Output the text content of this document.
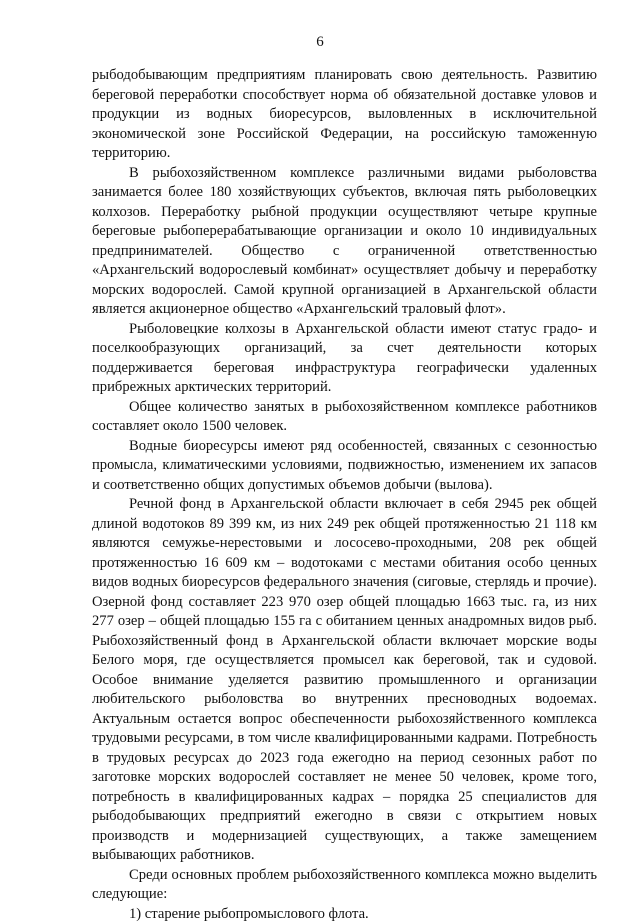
6

рыбодобывающим предприятиям планировать свою деятельность. Развитию береговой переработки способствует норма об обязательной доставке уловов и продукции из водных биоресурсов, выловленных в исключительной экономической зоне Российской Федерации, на российскую таможенную территорию.

В рыбохозяйственном комплексе различными видами рыболовства занимается более 180 хозяйствующих субъектов, включая пять рыболовецких колхозов. Переработку рыбной продукции осуществляют четыре крупные береговые рыбоперерабатывающие организации и около 10 индивидуальных предпринимателей. Общество с ограниченной ответственностью «Архангельский водорослевый комбинат» осуществляет добычу и переработку морских водорослей. Самой крупной организацией в Архангельской области является акционерное общество «Архангельский траловый флот».

Рыболовецкие колхозы в Архангельской области имеют статус градо- и поселкообразующих организаций, за счет деятельности которых поддерживается береговая инфраструктура географически удаленных прибрежных арктических территорий.

Общее количество занятых в рыбохозяйственном комплексе работников составляет около 1500 человек.

Водные биоресурсы имеют ряд особенностей, связанных с сезонностью промысла, климатическими условиями, подвижностью, изменением их запасов и соответственно общих допустимых объемов добычи (вылова).

Речной фонд в Архангельской области включает в себя 2945 рек общей длиной водотоков 89 399 км, из них 249 рек общей протяженностью 21 118 км являются семужье-нерестовыми и лососево-проходными, 208 рек общей протяженностью 16 609 км – водотоками с местами обитания особо ценных видов водных биоресурсов федерального значения (сиговые, стерлядь и прочие). Озерной фонд составляет 223 970 озер общей площадью 1663 тыс. га, из них 277 озер – общей площадью 155 га с обитанием ценных анадромных видов рыб. Рыбохозяйственный фонд в Архангельской области включает морские воды Белого моря, где осуществляется промысел как береговой, так и судовой. Особое внимание уделяется развитию промышленного и организации любительского рыболовства во внутренних пресноводных водоемах. Актуальным остается вопрос обеспеченности рыбохозяйственного комплекса трудовыми ресурсами, в том числе квалифицированными кадрами. Потребность в трудовых ресурсах до 2023 года ежегодно на период сезонных работ по заготовке морских водорослей составляет не менее 50 человек, кроме того, потребность в квалифицированных кадрах – порядка 25 специалистов для рыбодобывающих предприятий ежегодно в связи с открытием новых производств и модернизацией существующих, а также замещением выбывающих работников.

Среди основных проблем рыбохозяйственного комплекса можно выделить следующие:

1) старение рыбопромыслового флота.
